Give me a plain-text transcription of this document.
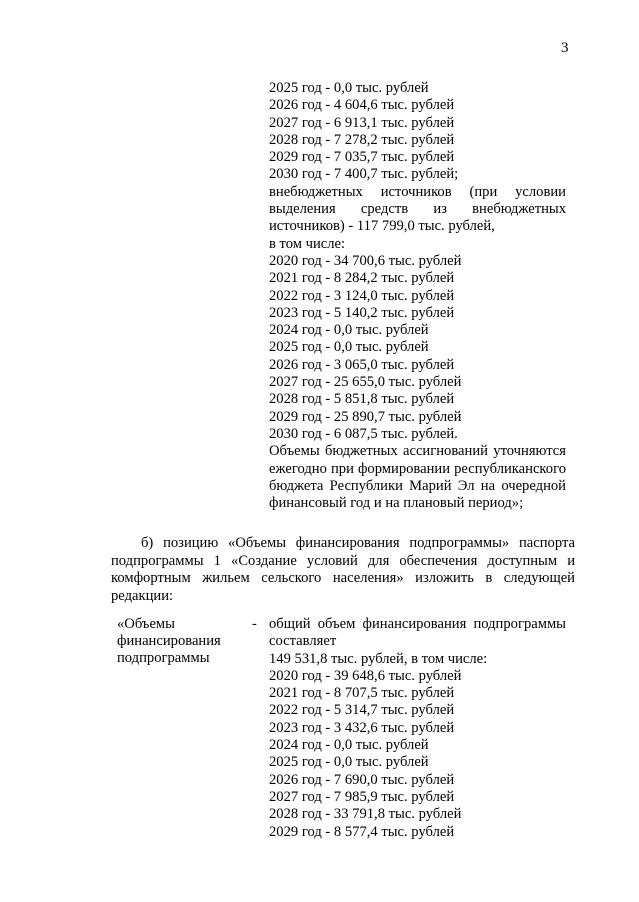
3
2025 год - 0,0 тыс. рублей
2026 год - 4 604,6 тыс. рублей
2027 год - 6 913,1 тыс. рублей
2028 год - 7 278,2 тыс. рублей
2029 год - 7 035,7 тыс. рублей
2030 год - 7 400,7 тыс. рублей;
внебюджетных источников (при условии выделения средств из внебюджетных источников) - 117 799,0 тыс. рублей,
в том числе:
2020 год - 34 700,6 тыс. рублей
2021 год - 8 284,2 тыс. рублей
2022 год - 3 124,0 тыс. рублей
2023 год - 5 140,2 тыс. рублей
2024 год - 0,0 тыс. рублей
2025 год - 0,0 тыс. рублей
2026 год - 3 065,0 тыс. рублей
2027 год - 25 655,0 тыс. рублей
2028 год - 5 851,8 тыс. рублей
2029 год - 25 890,7 тыс. рублей
2030 год - 6 087,5 тыс. рублей.
Объемы бюджетных ассигнований уточняются ежегодно при формировании республиканского бюджета Республики Марий Эл на очередной финансовый год и на плановый период»;
б) позицию «Объемы финансирования подпрограммы» паспорта подпрограммы 1 «Создание условий для обеспечения доступным и комфортным жильем сельского населения» изложить в следующей редакции:
«Объемы финансирования подпрограммы
- общий объем финансирования подпрограммы составляет
149 531,8 тыс. рублей, в том числе:
2020 год - 39 648,6 тыс. рублей
2021 год - 8 707,5 тыс. рублей
2022 год - 5 314,7 тыс. рублей
2023 год - 3 432,6 тыс. рублей
2024 год - 0,0 тыс. рублей
2025 год - 0,0 тыс. рублей
2026 год - 7 690,0 тыс. рублей
2027 год - 7 985,9 тыс. рублей
2028 год - 33 791,8 тыс. рублей
2029 год - 8 577,4 тыс. рублей
